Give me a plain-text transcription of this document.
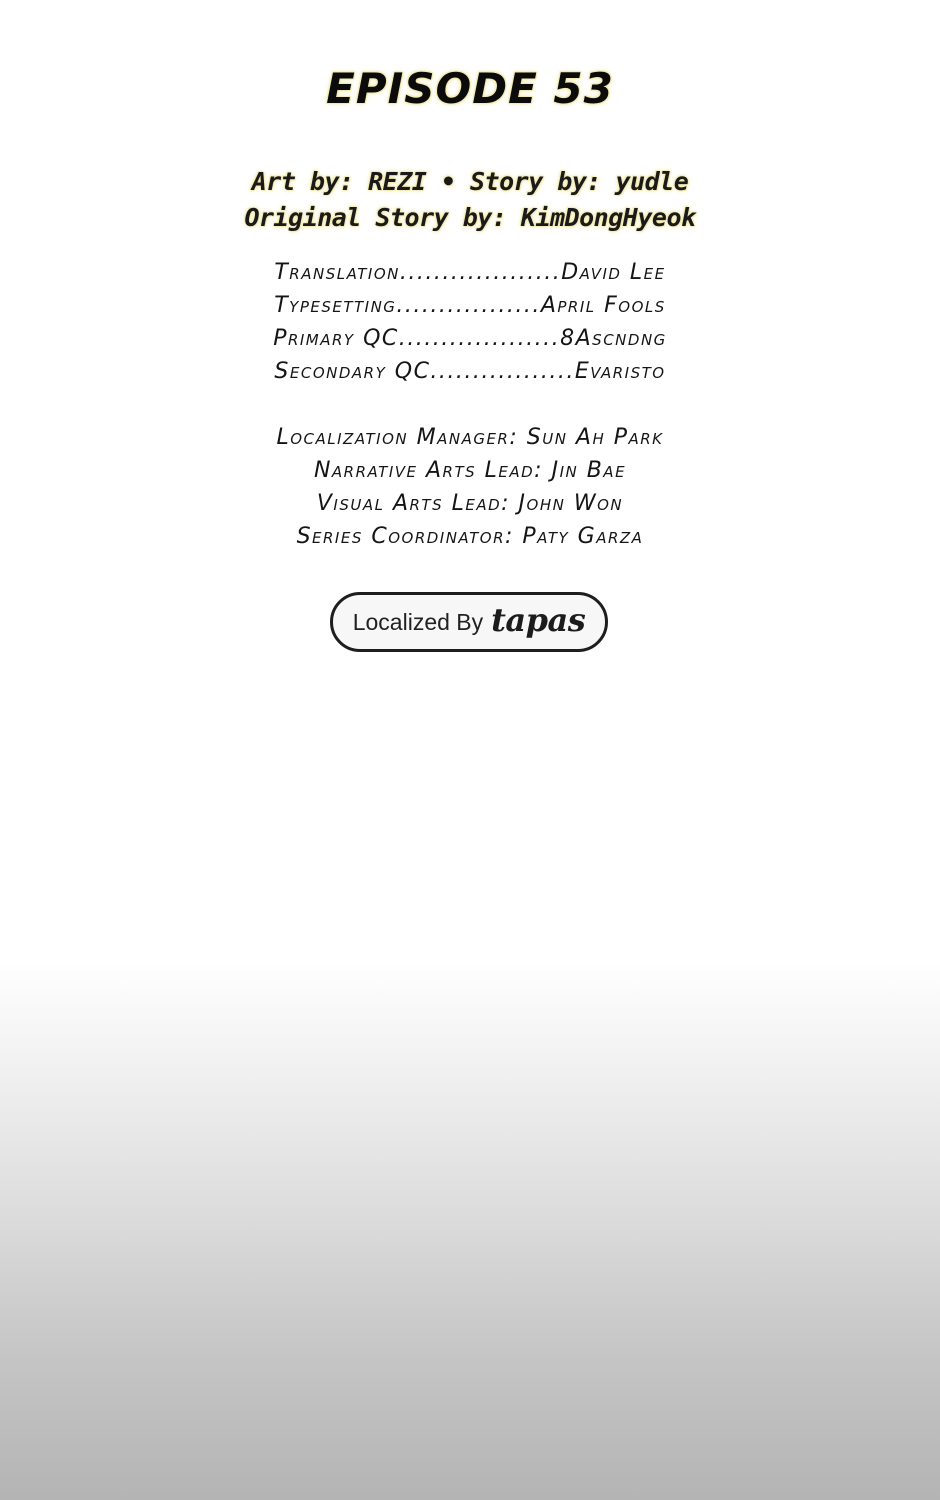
EPISODE 53
Art by: REZI • Story by: yudle
Original Story by: KimDongHyeok
Translation...................David Lee
Typesetting.................April Fools
Primary QC...................8Ascndng
Secondary QC.................Evaristo
Localization Manager: Sun Ah Park
Narrative Arts Lead: Jin Bae
Visual Arts Lead: John Won
Series Coordinator: Paty Garza
Localized By tapas
